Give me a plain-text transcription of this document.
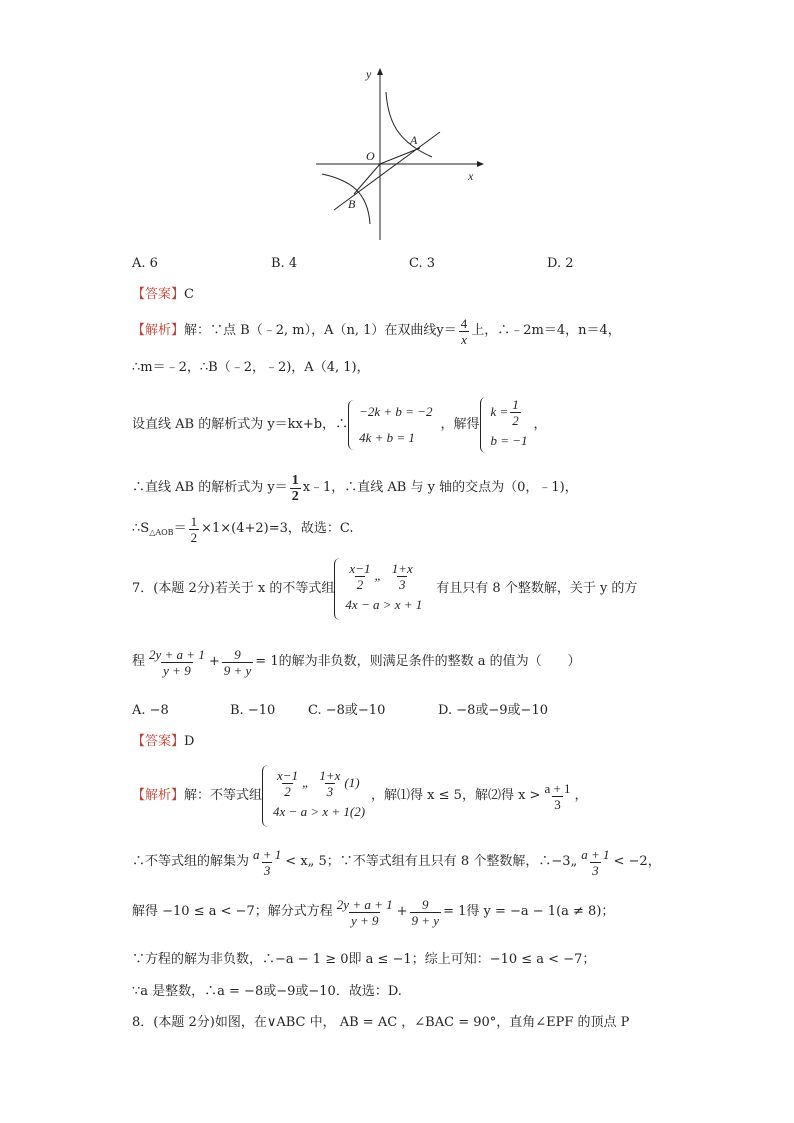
y
x
O
A
B
A. 6	B. 4	C. 3	D. 2
【答案】C
【解析】 解：∵点 B（﹣2, m），A（n, 1）在双曲线 $y= \frac{4}{x}$ 上，∴﹣2m＝4，n＝4，
∴m＝﹣2，∴B（﹣2，﹣2)，A（4, 1)，
设直线 AB 的解析式为 y＝kx+b，∴
−2k + b = −2
4k + b = 1
，解得
$k = \frac{1}{2}$
b = −1
，
∴直线 AB 的解析式为 $y= \frac{1}{2}$ x﹣1，∴直线 AB 与 y 轴的交点为（0，﹣1)，
∴S △AOB ＝ $\frac{1}{2} \times 1\times(4+2)=3$，故选：C.
7．(本题 2分)若关于 x 的不等式组 $\frac{x-1}{2}$ „ $\frac{1+x}{3}$
4x − a > x + 1
有且只有 8 个整数解，关于 y 的方
程 $\frac{2y + a + 1}{y + 9} + \frac{9}{9 + y} = 1$的解为非负数，则满足条件的整数 a 的值为（　　）
A. −8	B. −10	C. −8或−10	D. −8或−9或−10
【答案】D
【解析】 解：不等式组 $\frac{x-1}{2}$ „ $\frac{1+x}{3} (1)$
4x − a > x + 1(2)
，解⑴得 x ≤ 5，解⑵得 $x > \frac{a + 1}{3}$ ，
∴不等式组的解集为 $\frac{a + 1}{3}$ < x„ 5；∵不等式组有且只有 8 个整数解，∴−3„ $\frac{a + 1}{3} < -2$，
解得 −10 ≤ a < −7；解分式方程 $\frac{2y + a + 1}{y + 9} + \frac{9}{9 + y} = 1$得 y = −a − 1(a ≠ 8)；
∵方程的解为非负数，∴−a − 1 ≥ 0即 a ≤ −1；综上可知：−10 ≤ a < −7；
∵a 是整数，∴a = −8或−9或−10．故选：D.
8．(本题 2分)如图，在∨ABC 中， AB = AC ，∠BAC = 90°，直角∠EPF 的顶点 P
